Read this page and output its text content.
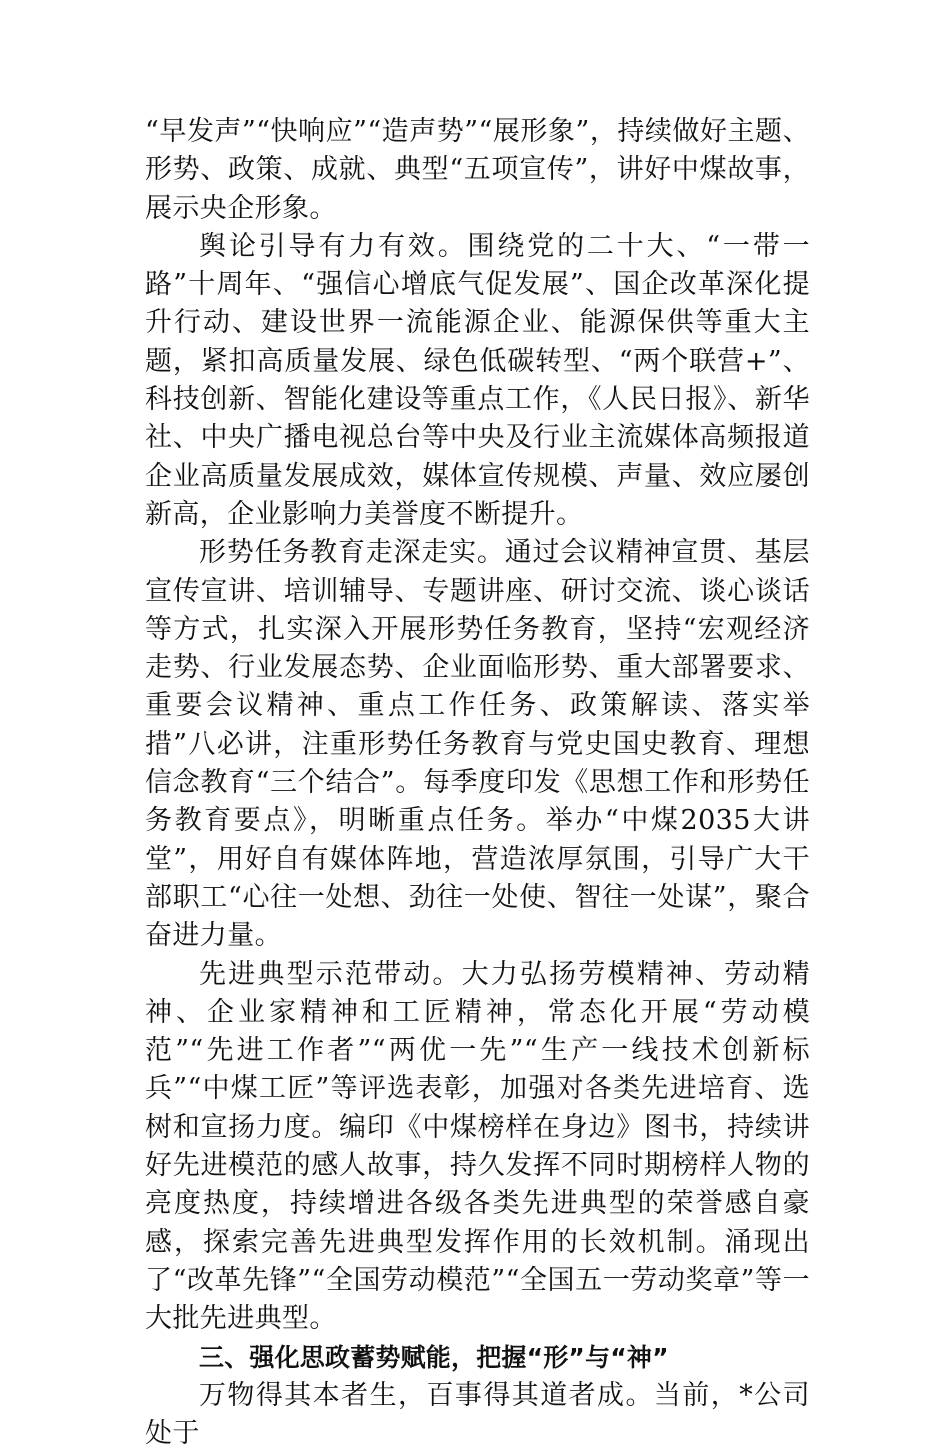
“早发声”“快响应”“造声势”“展形象”，持续做好主题、形势、政策、成就、典型“五项宣传”，讲好中煤故事，展示央企形象。

舆论引导有力有效。围绕党的二十大、“一带一路”十周年、“强信心增底气促发展”、国企改革深化提升行动、建设世界一流能源企业、能源保供等重大主题，紧扣高质量发展、绿色低碳转型、“两个联营+”、科技创新、智能化建设等重点工作，《人民日报》、新华社、中央广播电视总台等中央及行业主流媒体高频报道企业高质量发展成效，媒体宣传规模、声量、效应屡创新高，企业影响力美誉度不断提升。

形势任务教育走深走实。通过会议精神宣贯、基层宣传宣讲、培训辅导、专题讲座、研讨交流、谈心谈话等方式，扎实深入开展形势任务教育，坚持“宏观经济走势、行业发展态势、企业面临形势、重大部署要求、重要会议精神、重点工作任务、政策解读、落实举措”八必讲，注重形势任务教育与党史国史教育、理想信念教育“三个结合”。每季度印发《思想工作和形势任务教育要点》，明晰重点任务。举办“中煤2035大讲堂”，用好自有媒体阵地，营造浓厚氛围，引导广大干部职工“心往一处想、劲往一处使、智往一处谋”，聚合奋进力量。

先进典型示范带动。大力弘扬劳模精神、劳动精神、企业家精神和工匠精神，常态化开展“劳动模范”“先进工作者”“两优一先”“生产一线技术创新标兵”“中煤工匠”等评选表彰，加强对各类先进培育、选树和宣扬力度。编印《中煤榜样在身边》图书，持续讲好先进模范的感人故事，持久发挥不同时期榜样人物的亮度热度，持续增进各级各类先进典型的荣誉感自豪感，探索完善先进典型发挥作用的长效机制。涌现出了“改革先锋”“全国劳动模范”“全国五一劳动奖章”等一大批先进典型。

三、强化思政蓄势赋能，把握“形”与“神”

万物得其本者生，百事得其道者成。当前，*公司处于
